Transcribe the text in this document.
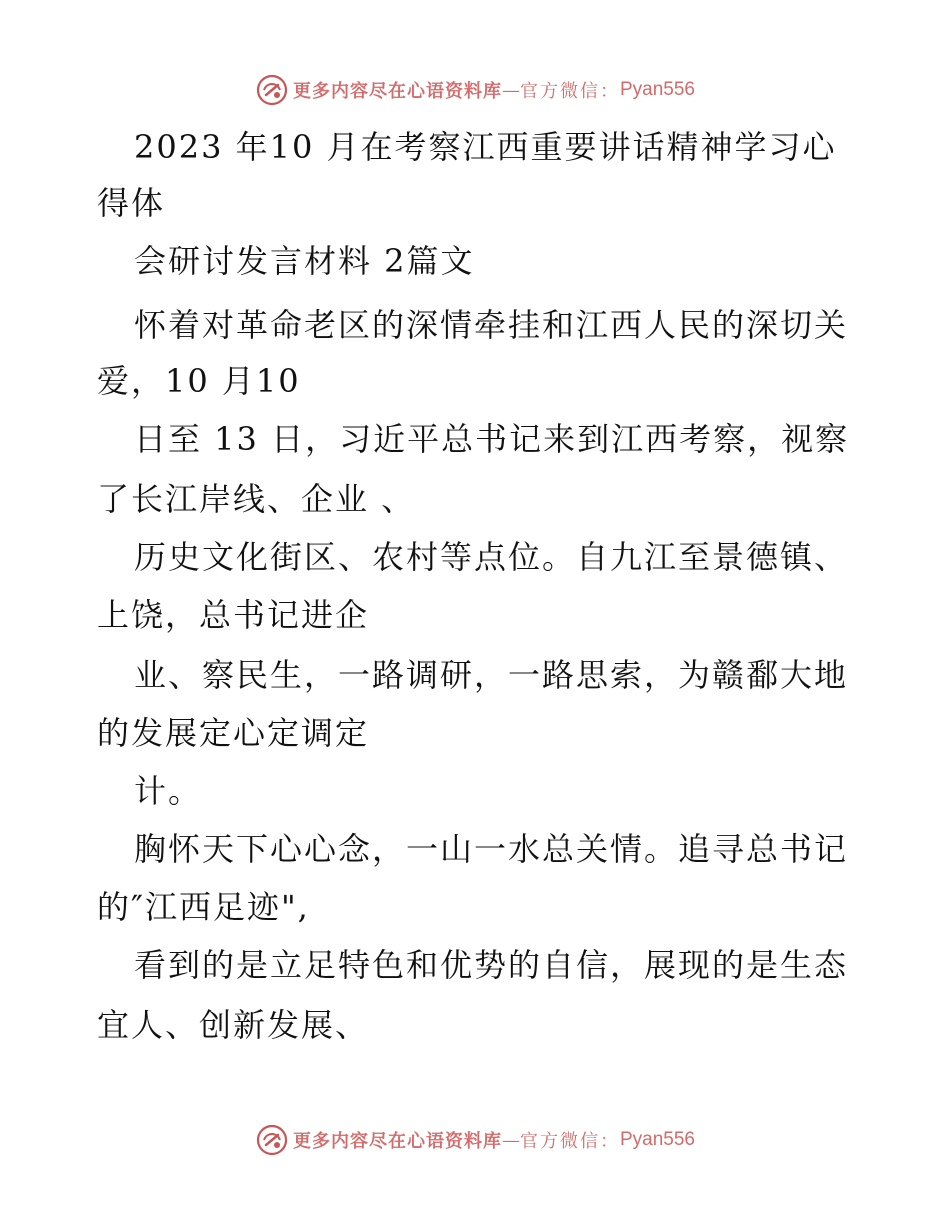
更多内容尽在心语资料库 — 官方微信： Pyan556
2023 年10 月在考察江西重要讲话精神学习心
得体
会研讨发言材料 2篇文
怀着对革命老区的深情牵挂和江西人民的深切关
爱，10 月10
日至 13 日，习近平总书记来到江西考察，视察
了长江岸线、企业 、
历史文化街区、农村等点位。自九江至景德镇、
上饶，总书记进企
业、察民生，一路调研，一路思索，为赣鄱大地
的发展定心定调定
计。
胸怀天下心心念，一山一水总关情。追寻总书记
的″江西足迹",
看到的是立足特色和优势的自信，展现的是生态
宜人、创新发展、
更多内容尽在心语资料库 — 官方微信： Pyan556
